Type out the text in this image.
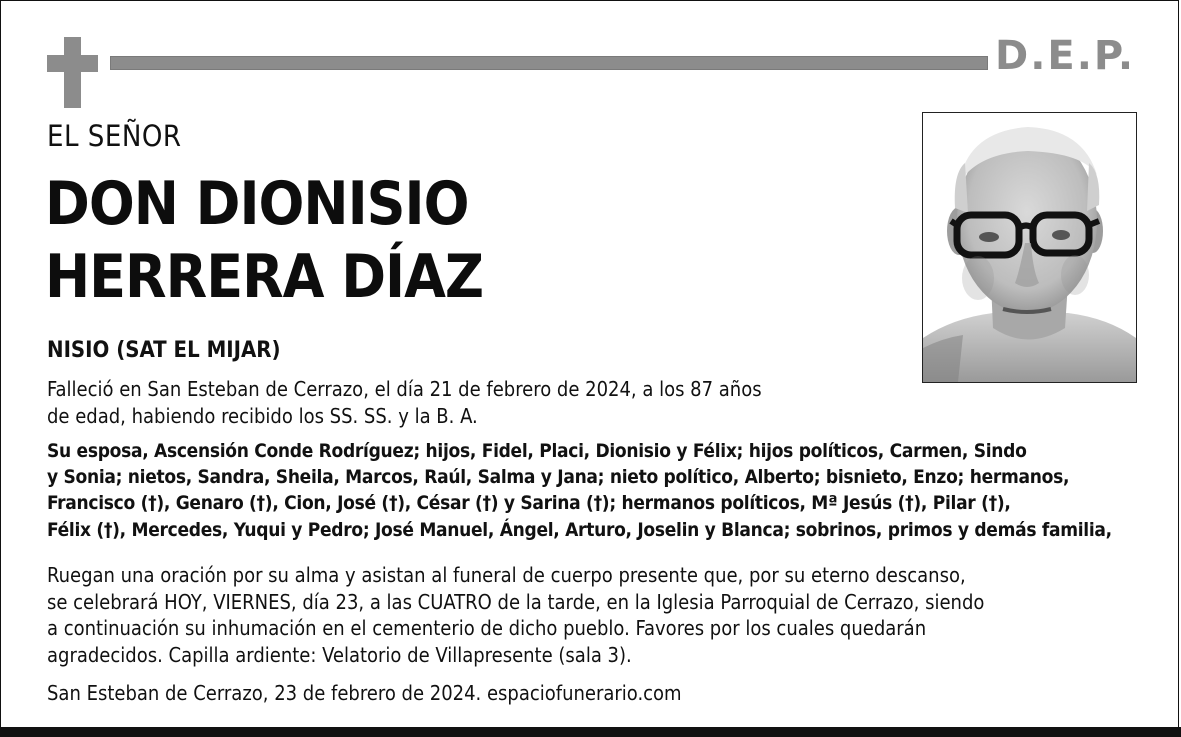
D.E.P.
EL SEÑOR
DON DIONISIO
HERRERA DÍAZ
NISIO (SAT EL MIJAR)
Falleció en San Esteban de Cerrazo, el día 21 de febrero de 2024, a los 87 años
de edad, habiendo recibido los SS. SS. y la B. A.
Su esposa, Ascensión Conde Rodríguez; hijos, Fidel, Placi, Dionisio y Félix; hijos políticos, Carmen, Sindo
y Sonia; nietos, Sandra, Sheila, Marcos, Raúl, Salma y Jana; nieto político, Alberto; bisnieto, Enzo; hermanos,
Francisco (†), Genaro (†), Cion, José (†), César (†) y Sarina (†); hermanos políticos, Mª Jesús (†), Pilar (†),
Félix (†), Mercedes, Yuqui y Pedro; José Manuel, Ángel, Arturo, Joselin y Blanca; sobrinos, primos y demás familia,
Ruegan una oración por su alma y asistan al funeral de cuerpo presente que, por su eterno descanso,
se celebrará HOY, VIERNES, día 23, a las CUATRO de la tarde, en la Iglesia Parroquial de Cerrazo, siendo
a continuación su inhumación en el cementerio de dicho pueblo. Favores por los cuales quedarán
agradecidos. Capilla ardiente: Velatorio de Villapresente (sala 3).
San Esteban de Cerrazo, 23 de febrero de 2024. espaciofunerario.com
